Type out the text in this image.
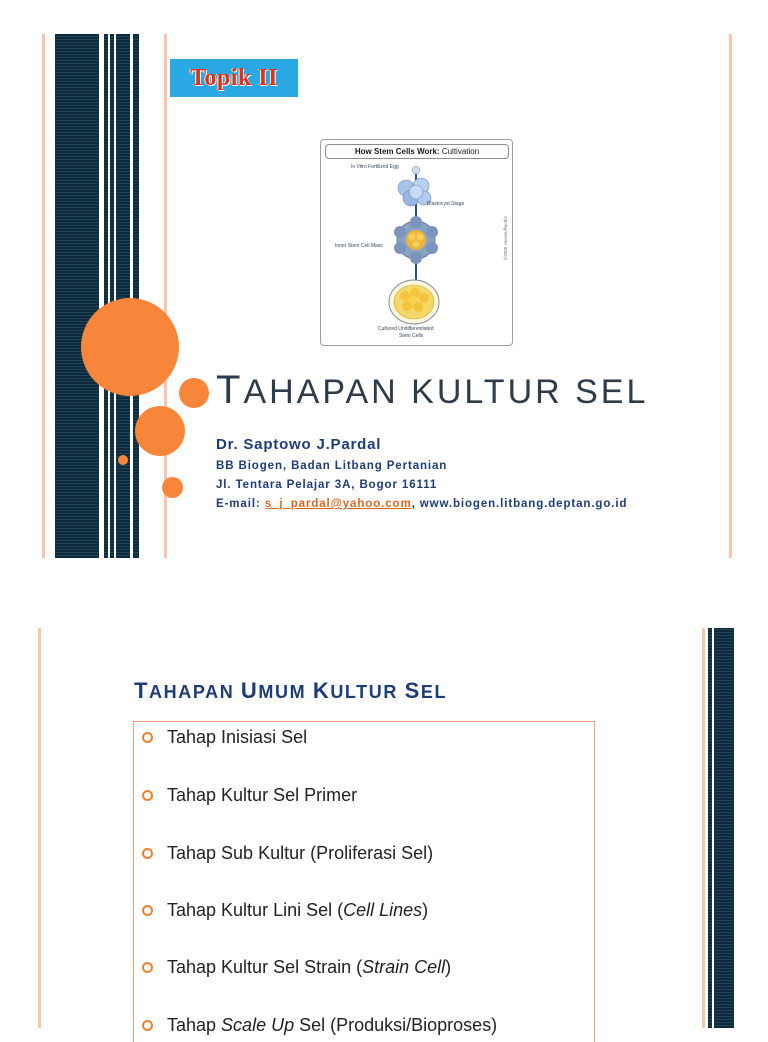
Topik II
How Stem Cells Work: Cultivation
In Vitro Fertilized Egg
Blastocyst Stage
Inner Stem Cell Mass
Cultured Undifferentiated
Stem Cells
©2006 Howstuffworks
TAHAPAN KULTUR SEL

Dr. Saptowo J.Pardal

BB Biogen, Badan Litbang Pertanian
Jl. Tentara Pelajar 3A, Bogor 16111
E-mail: s_j_pardal@yahoo.com, www.biogen.litbang.deptan.go.id
TAHAPAN UMUM KULTUR SEL
Tahap Inisiasi Sel
Tahap Kultur Sel Primer
Tahap Sub Kultur (Proliferasi Sel)
Tahap Kultur Lini Sel (Cell Lines)
Tahap Kultur Sel Strain (Strain Cell)
Tahap Scale Up Sel (Produksi/Bioproses)
